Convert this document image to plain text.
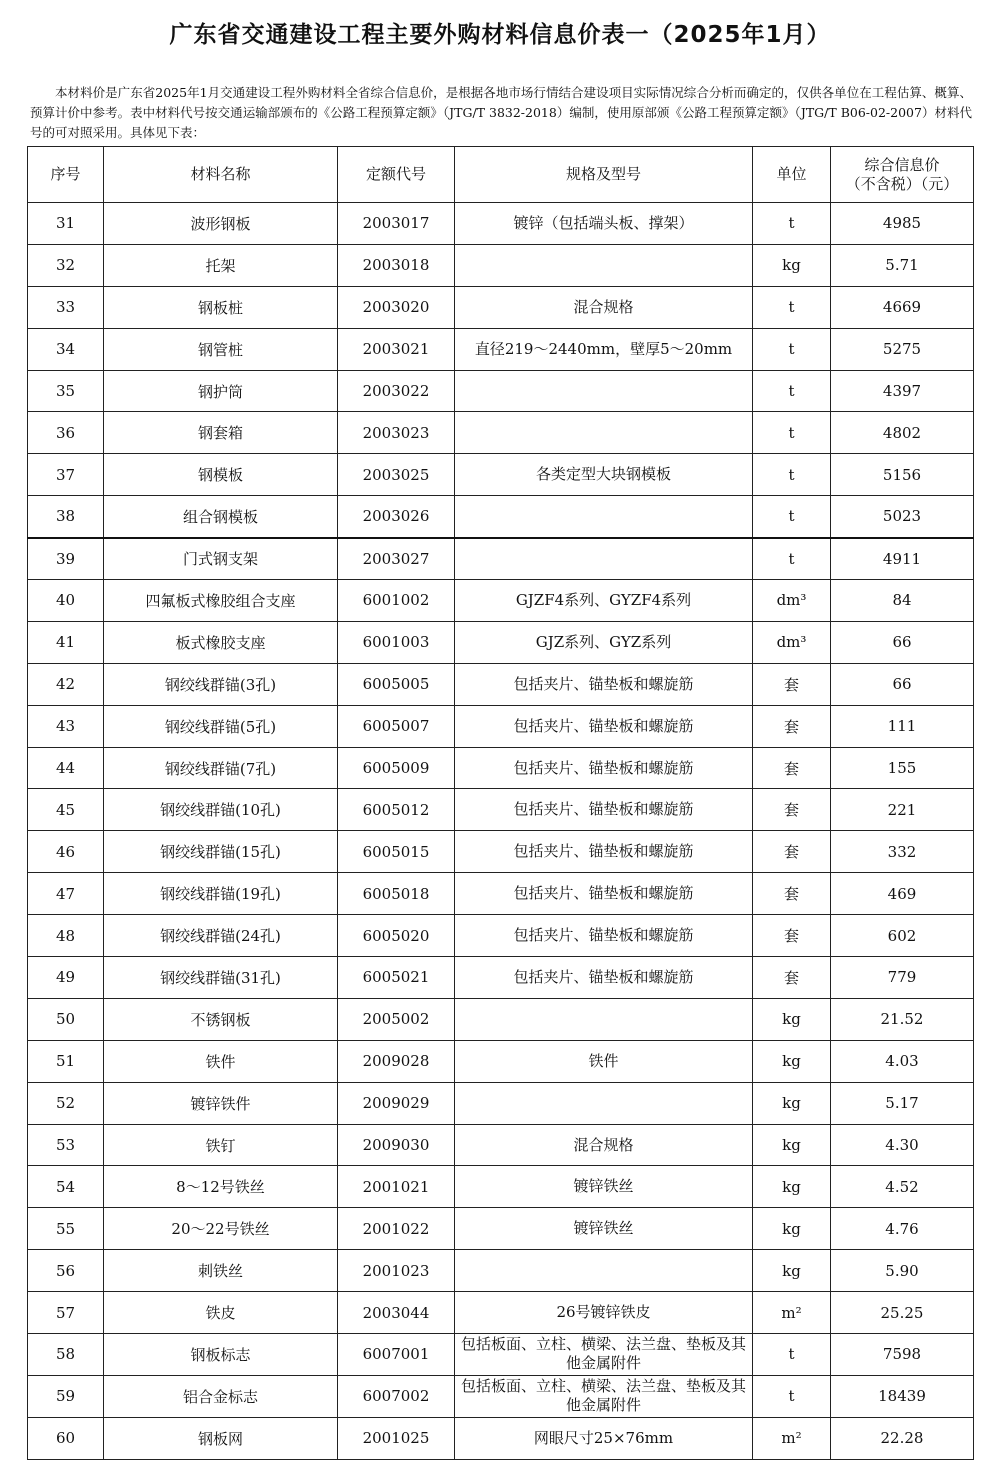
广东省交通建设工程主要外购材料信息价表一（2025年1月）

本材料价是广东省2025年1月交通建设工程外购材料全省综合信息价，是根据各地市场行情结合建设项目实际情况综合分析而确定的，仅供各单位在工程估算、概算、预算计价中参考。表中材料代号按交通运输部颁布的《公路工程预算定额》（JTG/T 3832-2018）编制，使用原部颁《公路工程预算定额》（JTG/T B06-02-2007）材料代号的可对照采用。具体见下表：

序号	材料名称	定额代号	规格及型号	单位	综合信息价
（不含税）（元）

31	波形钢板	2003017	镀锌（包括端头板、撑架）	t	4985
32	托架	2003018		kg	5.71
33	钢板桩	2003020	混合规格	t	4669
34	钢管桩	2003021	直径219～2440mm，壁厚5～20mm	t	5275
35	钢护筒	2003022		t	4397
36	钢套箱	2003023		t	4802
37	钢模板	2003025	各类定型大块钢模板	t	5156
38	组合钢模板	2003026		t	5023
39	门式钢支架	2003027		t	4911
40	四氟板式橡胶组合支座	6001002	GJZF4系列、GYZF4系列	dm³	84
41	板式橡胶支座	6001003	GJZ系列、GYZ系列	dm³	66
42	钢绞线群锚(3孔)	6005005	包括夹片、锚垫板和螺旋筋	套	66
43	钢绞线群锚(5孔)	6005007	包括夹片、锚垫板和螺旋筋	套	111
44	钢绞线群锚(7孔)	6005009	包括夹片、锚垫板和螺旋筋	套	155
45	钢绞线群锚(10孔)	6005012	包括夹片、锚垫板和螺旋筋	套	221
46	钢绞线群锚(15孔)	6005015	包括夹片、锚垫板和螺旋筋	套	332
47	钢绞线群锚(19孔)	6005018	包括夹片、锚垫板和螺旋筋	套	469
48	钢绞线群锚(24孔)	6005020	包括夹片、锚垫板和螺旋筋	套	602
49	钢绞线群锚(31孔)	6005021	包括夹片、锚垫板和螺旋筋	套	779
50	不锈钢板	2005002		kg	21.52
51	铁件	2009028	铁件	kg	4.03
52	镀锌铁件	2009029		kg	5.17
53	铁钉	2009030	混合规格	kg	4.30
54	8～12号铁丝	2001021	镀锌铁丝	kg	4.52
55	20～22号铁丝	2001022	镀锌铁丝	kg	4.76
56	刺铁丝	2001023		kg	5.90
57	铁皮	2003044	26号镀锌铁皮	m²	25.25
58	钢板标志	6007001	包括板面、立柱、横梁、法兰盘、垫板及其他金属附件	t	7598
59	铝合金标志	6007002	包括板面、立柱、横梁、法兰盘、垫板及其他金属附件	t	18439
60	钢板网	2001025	网眼尺寸25×76mm	m²	22.28
